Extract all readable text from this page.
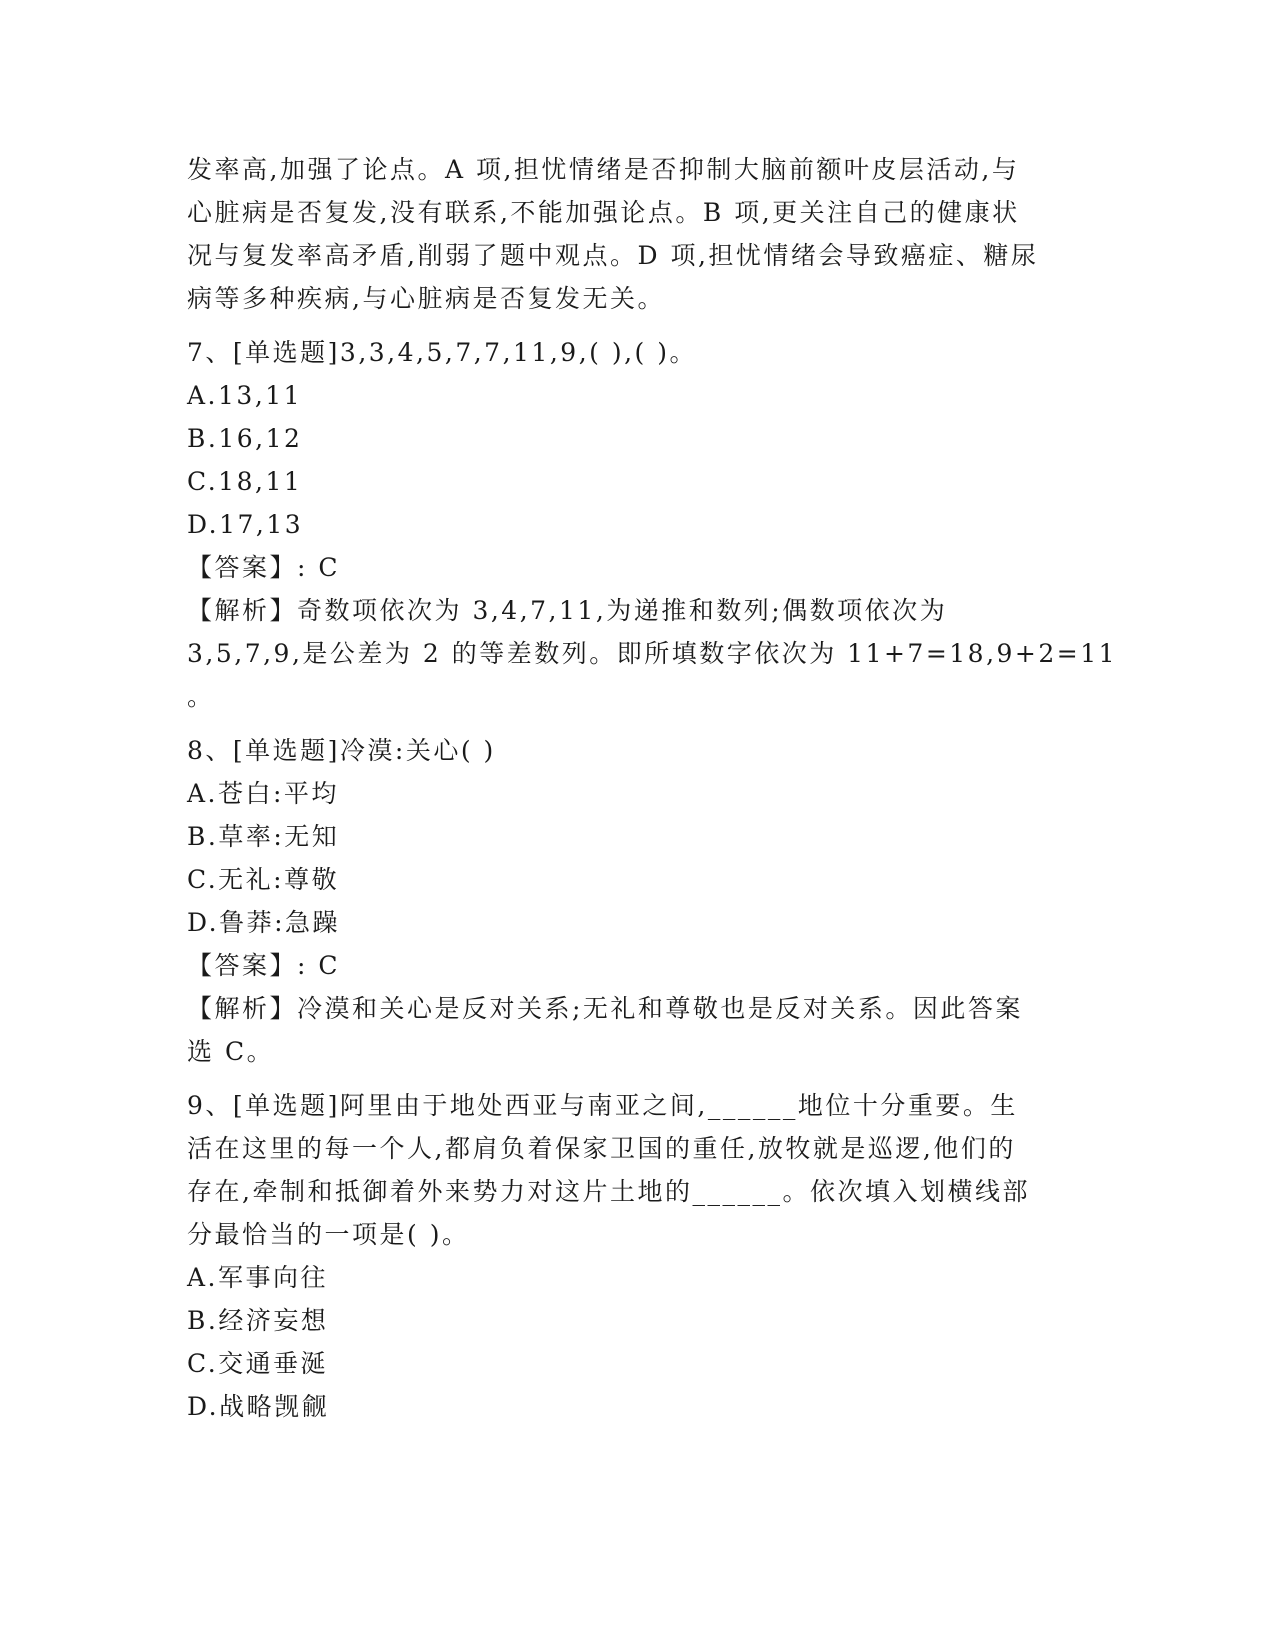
发率高,加强了论点。A 项,担忧情绪是否抑制大脑前额叶皮层活动,与
心脏病是否复发,没有联系,不能加强论点。B 项,更关注自己的健康状
况与复发率高矛盾,削弱了题中观点。D 项,担忧情绪会导致癌症、糖尿
病等多种疾病,与心脏病是否复发无关。
7、[单选题]3,3,4,5,7,7,11,9,( ),( )。
A.13,11
B.16,12
C.18,11
D.17,13
【答案】: C
【解析】奇数项依次为 3,4,7,11,为递推和数列;偶数项依次为
3,5,7,9,是公差为 2 的等差数列。即所填数字依次为 11+7=18,9+2=11
。
8、[单选题]冷漠:关心( )
A.苍白:平均
B.草率:无知
C.无礼:尊敬
D.鲁莽:急躁
【答案】: C
【解析】冷漠和关心是反对关系;无礼和尊敬也是反对关系。因此答案
选 C。
9、[单选题]阿里由于地处西亚与南亚之间,______地位十分重要。生
活在这里的每一个人,都肩负着保家卫国的重任,放牧就是巡逻,他们的
存在,牵制和抵御着外来势力对这片土地的______。依次填入划横线部
分最恰当的一项是( )。
A.军事向往
B.经济妄想
C.交通垂涎
D.战略觊觎
